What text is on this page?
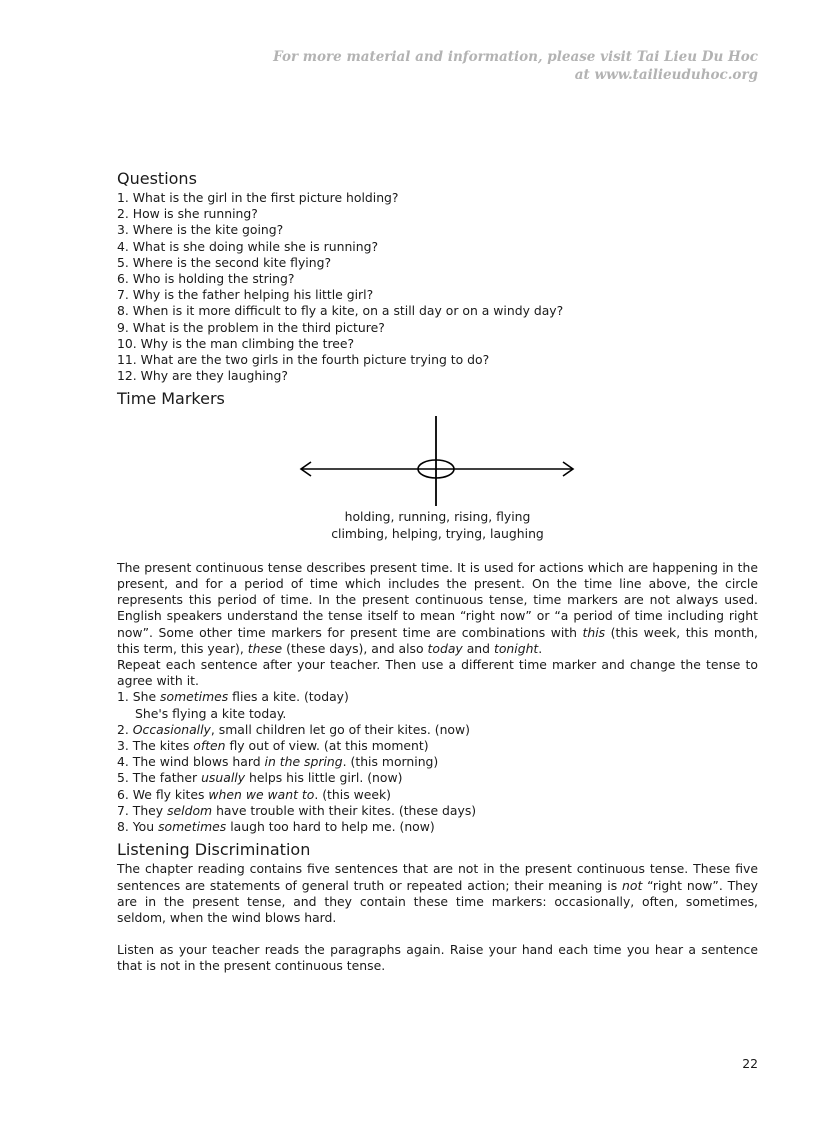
For more material and information, please visit Tai Lieu Du Hoc
at www.tailieuduhoc.org
Questions
1. What is the girl in the first picture holding?
2. How is she running?
3. Where is the kite going?
4. What is she doing while she is running?
5. Where is the second kite flying?
6. Who is holding the string?
7. Why is the father helping his little girl?
8. When is it more difficult to fly a kite, on a still day or on a windy day?
9. What is the problem in the third picture?
10. Why is the man climbing the tree?
11. What are the two girls in the fourth picture trying to do?
12. Why are they laughing?
Time Markers
holding, running, rising, flying
climbing, helping, trying, laughing

The present continuous tense describes present time. It is used for actions which are happening in the present, and for a period of time which includes the present. On the time line above, the circle represents this period of time. In the present continuous tense, time markers are not always used. English speakers understand the tense itself to mean “right now” or “a period of time including right now”. Some other time markers for present time are combinations with this (this week, this month, this term, this year), these (these days), and also today and tonight.

Repeat each sentence after your teacher. Then use a different time marker and change the tense to agree with it.

1. She sometimes flies a kite. (today)
She's flying a kite today.
2. Occasionally, small children let go of their kites. (now)
3. The kites often fly out of view. (at this moment)
4. The wind blows hard in the spring. (this morning)
5. The father usually helps his little girl. (now)
6. We fly kites when we want to. (this week)
7. They seldom have trouble with their kites. (these days)
8. You sometimes laugh too hard to help me. (now)
Listening Discrimination

The chapter reading contains five sentences that are not in the present continuous tense. These five sentences are statements of general truth or repeated action; their meaning is not “right now”. They are in the present tense, and they contain these time markers: occasionally, often, sometimes, seldom, when the wind blows hard.

Listen as your teacher reads the paragraphs again. Raise your hand each time you hear a sentence that is not in the present continuous tense.

22
